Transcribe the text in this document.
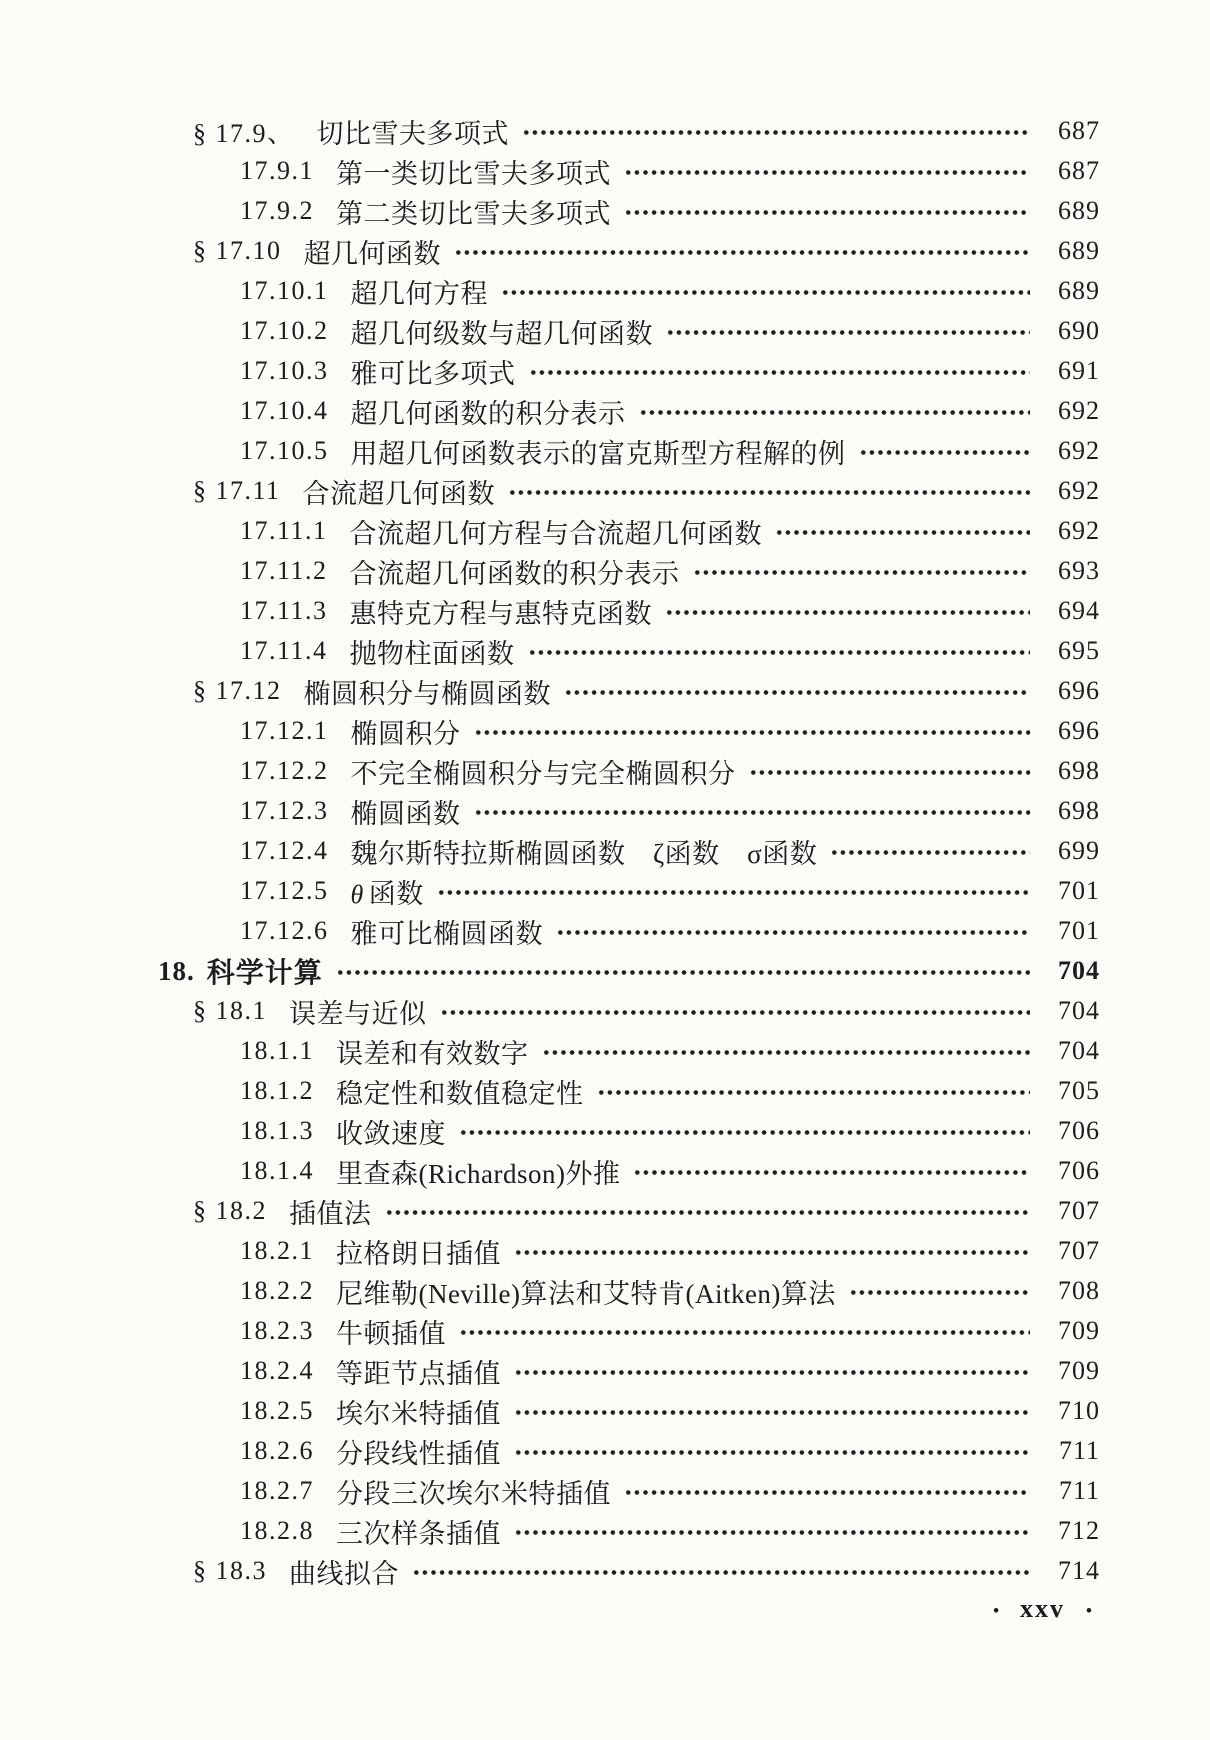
§ 17.9、 切比雪夫多项式	687
17.9.1 第一类切比雪夫多项式	687
17.9.2 第二类切比雪夫多项式	689
§ 17.10 超几何函数	689
17.10.1 超几何方程	689
17.10.2 超几何级数与超几何函数	690
17.10.3 雅可比多项式	691
17.10.4 超几何函数的积分表示	692
17.10.5 用超几何函数表示的富克斯型方程解的例	692
§ 17.11 合流超几何函数	692
17.11.1 合流超几何方程与合流超几何函数	692
17.11.2 合流超几何函数的积分表示	693
17.11.3 惠特克方程与惠特克函数	694
17.11.4 抛物柱面函数	695
§ 17.12 椭圆积分与椭圆函数	696
17.12.1 椭圆积分	696
17.12.2 不完全椭圆积分与完全椭圆积分	698
17.12.3 椭圆函数	698
17.12.4 魏尔斯特拉斯椭圆函数　ζ函数　σ函数	699
17.12.5 θ 函数	701
17.12.6 雅可比椭圆函数	701
18. 科学计算	704
§ 18.1 误差与近似	704
18.1.1 误差和有效数字	704
18.1.2 稳定性和数值稳定性	705
18.1.3 收敛速度	706
18.1.4 里查森(Richardson)外推	706
§ 18.2 插值法	707
18.2.1 拉格朗日插值	707
18.2.2 尼维勒(Neville)算法和艾特肯(Aitken)算法	708
18.2.3 牛顿插值	709
18.2.4 等距节点插值	709
18.2.5 埃尔米特插值	710
18.2.6 分段线性插值	711
18.2.7 分段三次埃尔米特插值	711
18.2.8 三次样条插值	712
§ 18.3 曲线拟合	714
• xxv •
